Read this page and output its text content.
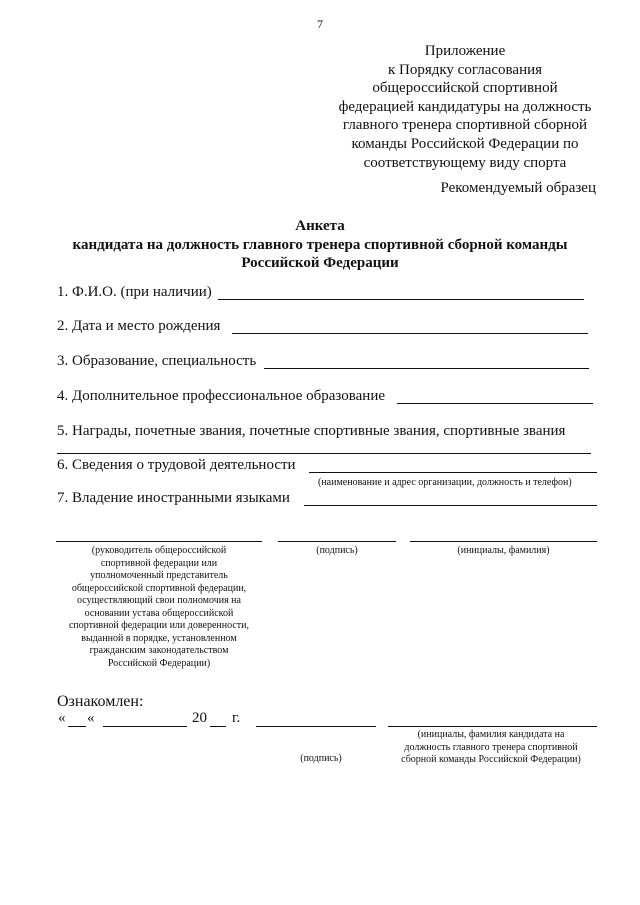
7
Приложение
к Порядку согласования
общероссийской спортивной
федерацией кандидатуры на должность
главного тренера спортивной сборной
команды Российской Федерации по
соответствующему виду спорта
Рекомендуемый образец
Анкета
кандидата на должность главного тренера спортивной сборной команды
Российской Федерации
1. Ф.И.О. (при наличии)
2. Дата и место рождения
3. Образование, специальность
4. Дополнительное профессиональное образование
5. Награды, почетные звания, почетные спортивные звания, спортивные звания
6. Сведения о трудовой деятельности
(наименование и адрес организации, должность и телефон)
7. Владение иностранными языками
(руководитель общероссийской
спортивной федерации или
уполномоченный представитель
общероссийской спортивной федерации,
осуществляющий свои полномочия на
основании устава общероссийской
спортивной федерации или доверенности,
выданной в порядке, установленном
гражданским законодательством
Российской Федерации)
(подпись)	(инициалы, фамилия)
Ознакомлен:
« «	20 г.
(инициалы, фамилия кандидата на
должность главного тренера спортивной
сборной команды Российской Федерации)
(подпись)
